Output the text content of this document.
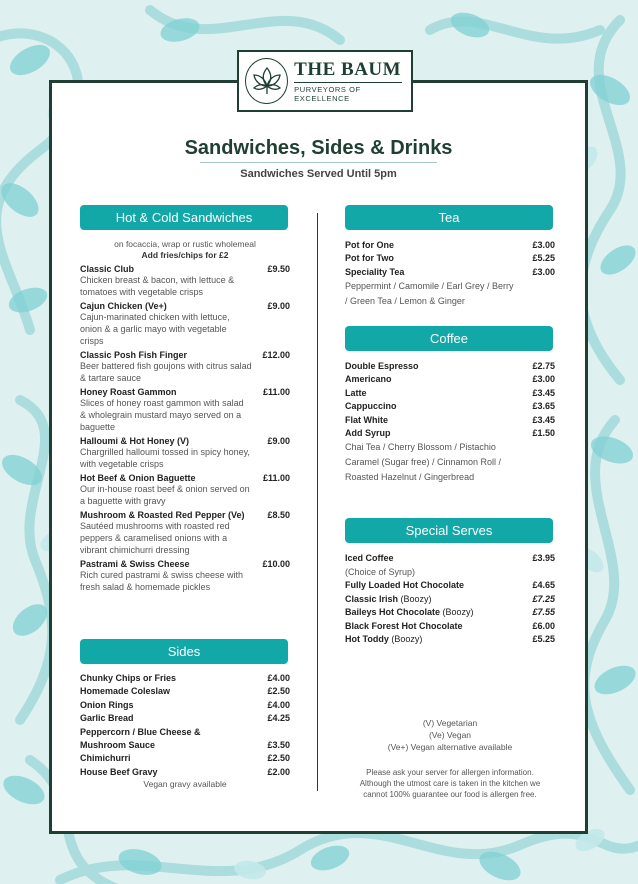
THE BAUM
PURVEYORS OF EXCELLENCE
Sandwiches, Sides & Drinks
Sandwiches Served Until 5pm
Hot & Cold Sandwiches
on focaccia, wrap or rustic wholemeal
Add fries/chips for £2
Classic Club	£9.50
Chicken breast & bacon, with lettuce & tomatoes with vegetable crisps
Cajun Chicken (Ve+)	£9.00
Cajun-marinated chicken with lettuce, onion & a garlic mayo with vegetable crisps
Classic Posh Fish Finger	£12.00
Beer battered fish goujons with citrus salad & tartare sauce
Honey Roast Gammon	£11.00
Slices of honey roast gammon with salad & wholegrain mustard mayo served on a baguette
Halloumi & Hot Honey (V)	£9.00
Chargrilled halloumi tossed in spicy honey, with vegetable crisps
Hot Beef & Onion Baguette	£11.00
Our in-house roast beef & onion served on a baguette with gravy
Mushroom & Roasted Red Pepper (Ve)	£8.50
Sautéed mushrooms with roasted red peppers & caramelised onions with a vibrant chimichurri dressing
Pastrami & Swiss Cheese	£10.00
Rich cured pastrami & swiss cheese with fresh salad & homemade pickles
Sides
Chunky Chips or Fries	£4.00
Homemade Coleslaw	£2.50
Onion Rings	£4.00
Garlic Bread	£4.25
Peppercorn / Blue Cheese & Mushroom Sauce	£3.50
Chimichurri	£2.50
House Beef Gravy	£2.00
Vegan gravy available
Tea
Pot for One	£3.00
Pot for Two	£5.25
Speciality Tea	£3.00
Peppermint / Camomile / Earl Grey / Berry / Green Tea / Lemon & Ginger
Coffee
Double Espresso	£2.75
Americano	£3.00
Latte	£3.45
Cappuccino	£3.65
Flat White	£3.45
Add Syrup	£1.50
Chai Tea / Cherry Blossom / Pistachio Caramel (Sugar free) / Cinnamon Roll / Roasted Hazelnut / Gingerbread
Special Serves
Iced Coffee	£3.95
(Choice of Syrup)
Fully Loaded Hot Chocolate	£4.65
Classic Irish (Boozy)	£7.25
Baileys Hot Chocolate (Boozy)	£7.55
Black Forest Hot Chocolate	£6.00
Hot Toddy (Boozy)	£5.25
(V) Vegetarian
(Ve) Vegan
(Ve+) Vegan alternative available
Please ask your server for allergen information.
Although the utmost care is taken in the kitchen we
cannot 100% guarantee our food is allergen free.
